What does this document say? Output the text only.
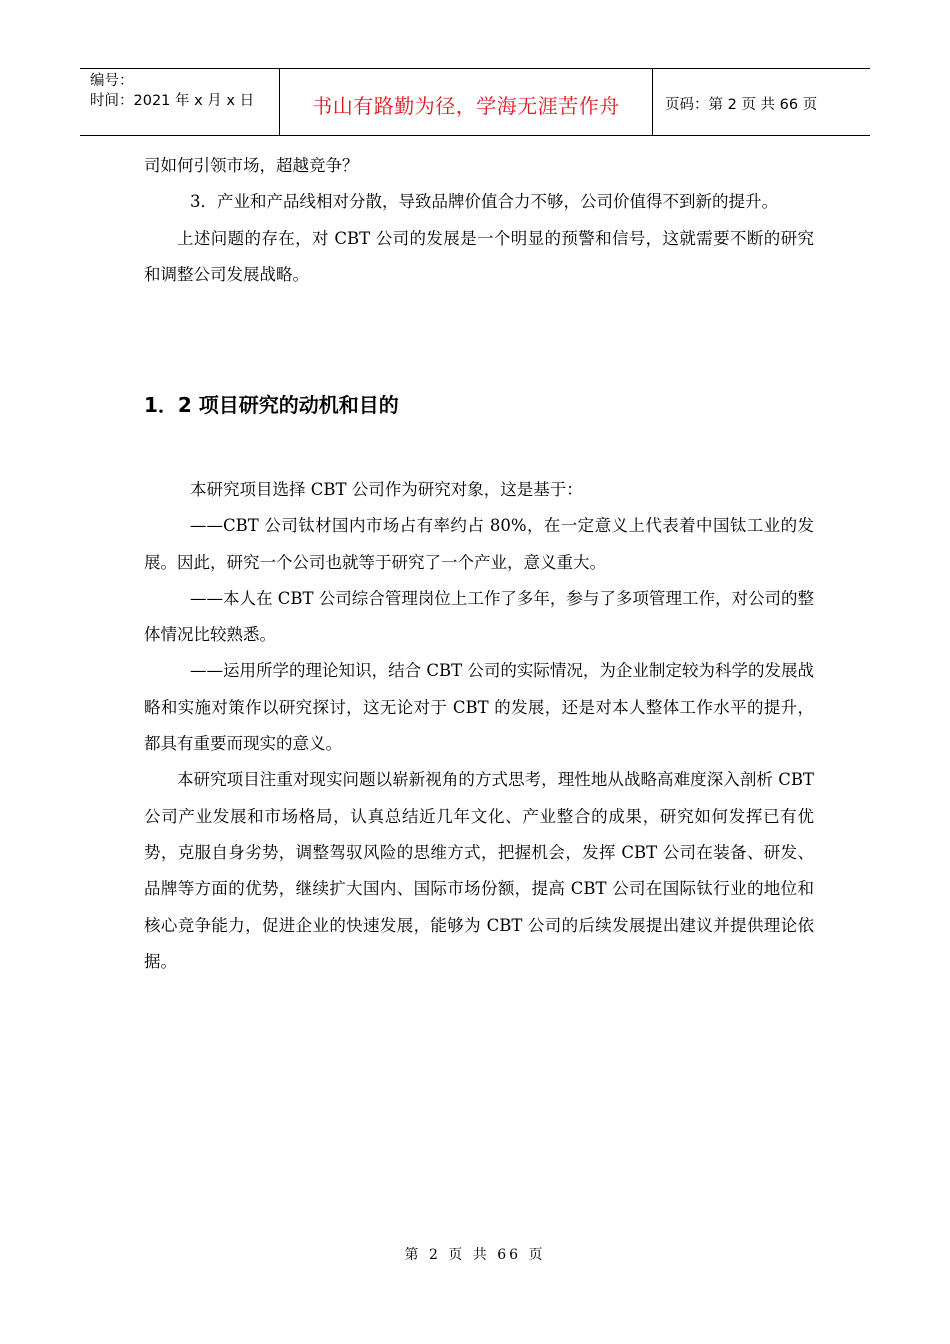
编号：
时间：2021 年 x 月 x 日	书山有路勤为径，学海无涯苦作舟	页码：第 2 页 共 66 页

司如何引领市场，超越竞争？

3．产业和产品线相对分散，导致品牌价值合力不够，公司价值得不到新的提升。

上述问题的存在，对 CBT 公司的发展是一个明显的预警和信号，这就需要不断的研究和调整公司发展战略。

1．2 项目研究的动机和目的

本研究项目选择 CBT 公司作为研究对象，这是基于：

——CBT 公司钛材国内市场占有率约占 80%，在一定意义上代表着中国钛工业的发展。因此，研究一个公司也就等于研究了一个产业，意义重大。

——本人在 CBT 公司综合管理岗位上工作了多年，参与了多项管理工作，对公司的整体情况比较熟悉。

——运用所学的理论知识，结合 CBT 公司的实际情况，为企业制定较为科学的发展战略和实施对策作以研究探讨，这无论对于 CBT 的发展，还是对本人整体工作水平的提升，都具有重要而现实的意义。

本研究项目注重对现实问题以崭新视角的方式思考，理性地从战略高难度深入剖析 CBT 公司产业发展和市场格局，认真总结近几年文化、产业整合的成果，研究如何发挥已有优势，克服自身劣势，调整驾驭风险的思维方式，把握机会，发挥 CBT 公司在装备、研发、品牌等方面的优势，继续扩大国内、国际市场份额，提高 CBT 公司在国际钛行业的地位和核心竞争能力，促进企业的快速发展，能够为 CBT 公司的后续发展提出建议并提供理论依据。

第 2 页 共 66 页
